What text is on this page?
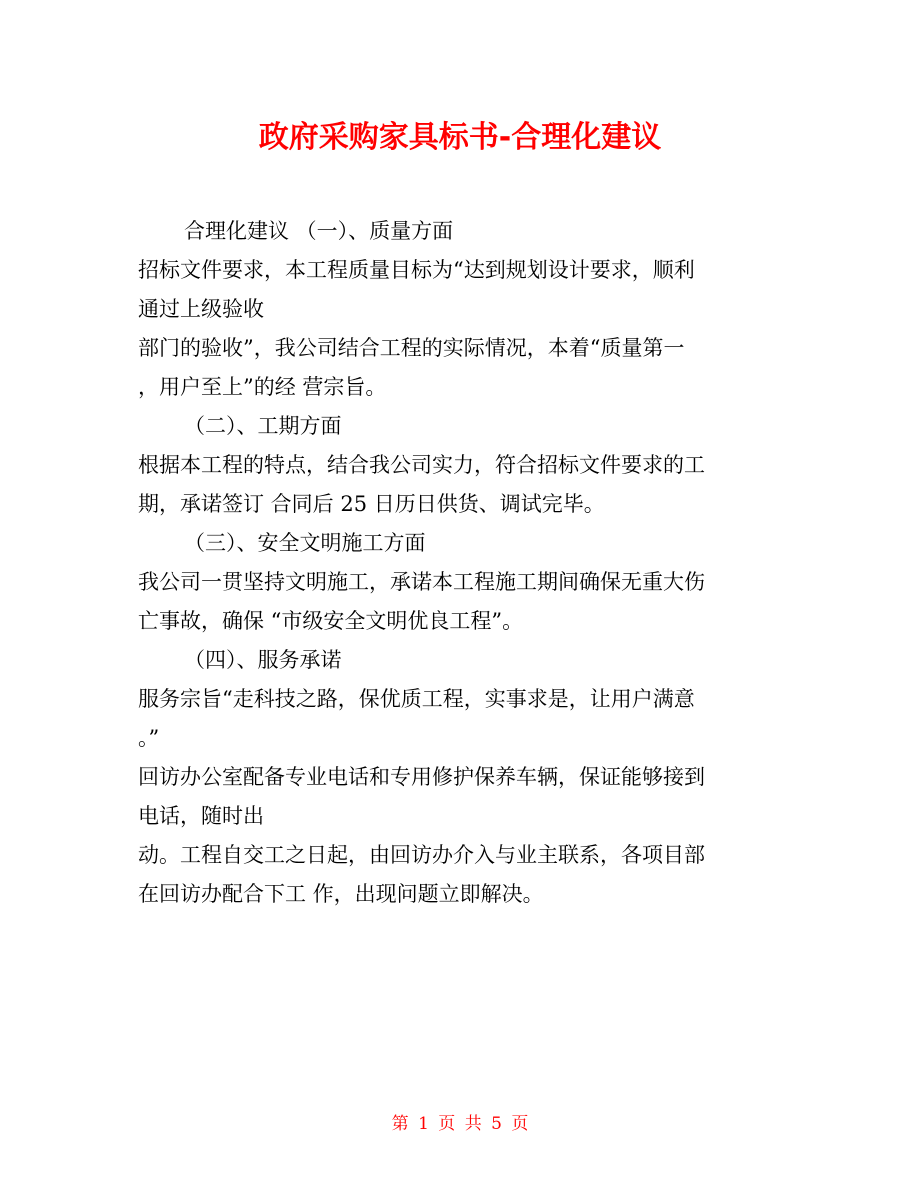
政府采购家具标书-合理化建议
合理化建议 （一）、质量方面
招标文件要求，本工程质量目标为“达到规划设计要求，顺利
通过上级验收
部门的验收”，我公司结合工程的实际情况，本着“质量第一
，用户至上”的经 营宗旨。
（二）、工期方面
根据本工程的特点，结合我公司实力，符合招标文件要求的工
期，承诺签订 合同后 25 日历日供货、调试完毕。
（三）、安全文明施工方面
我公司一贯坚持文明施工，承诺本工程施工期间确保无重大伤
亡事故，确保 “市级安全文明优良工程”。
（四）、服务承诺
服务宗旨“走科技之路，保优质工程，实事求是，让用户满意
。”
回访办公室配备专业电话和专用修护保养车辆，保证能够接到
电话，随时出
动。工程自交工之日起，由回访办介入与业主联系，各项目部
在回访办配合下工 作，出现问题立即解决。
第 1 页 共 5 页
